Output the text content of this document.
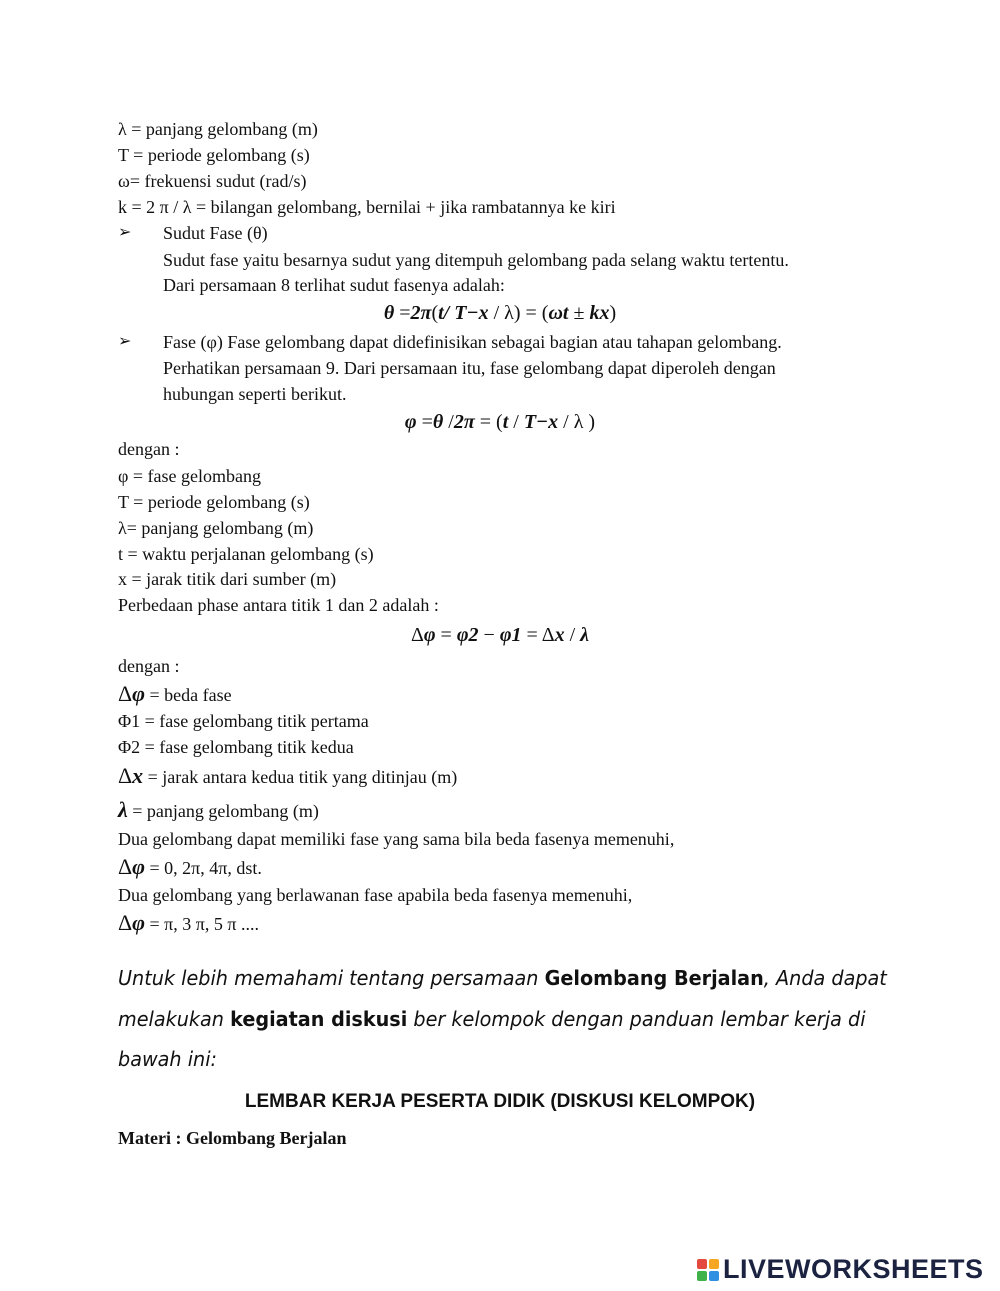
λ = panjang gelombang (m)
T = periode gelombang (s)
ω= frekuensi sudut (rad/s)
k = 2 π / λ = bilangan gelombang, bernilai + jika rambatannya ke kiri
➢ Sudut Fase (θ)
Sudut fase yaitu besarnya sudut yang ditempuh gelombang pada selang waktu tertentu.
Dari persamaan 8 terlihat sudut fasenya adalah:
θ =2π(t/ T−x / λ) = (ωt ± kx)
➢ Fase (φ) Fase gelombang dapat didefinisikan sebagai bagian atau tahapan gelombang.
Perhatikan persamaan 9. Dari persamaan itu, fase gelombang dapat diperoleh dengan
hubungan seperti berikut.
φ =θ /2π = (t / T−x / λ )
dengan :
φ = fase gelombang
T = periode gelombang (s)
λ= panjang gelombang (m)
t = waktu perjalanan gelombang (s)
x = jarak titik dari sumber (m)
Perbedaan phase antara titik 1 dan 2 adalah :
Δφ = φ2 − φ1 = Δx / λ
dengan :
Δφ = beda fase
Φ1 = fase gelombang titik pertama
Φ2 = fase gelombang titik kedua
Δx = jarak antara kedua titik yang ditinjau (m)
λ = panjang gelombang (m)
Dua gelombang dapat memiliki fase yang sama bila beda fasenya memenuhi,
Δφ = 0, 2π, 4π, dst.
Dua gelombang yang berlawanan fase apabila beda fasenya memenuhi,
Δφ = π, 3 π, 5 π ....
Untuk lebih memahami tentang persamaan Gelombang Berjalan, Anda dapat
melakukan kegiatan diskusi ber kelompok dengan panduan lembar kerja di
bawah ini:
LEMBAR KERJA PESERTA DIDIK (DISKUSI KELOMPOK)
Materi : Gelombang Berjalan
LIVEWORKSHEETS
